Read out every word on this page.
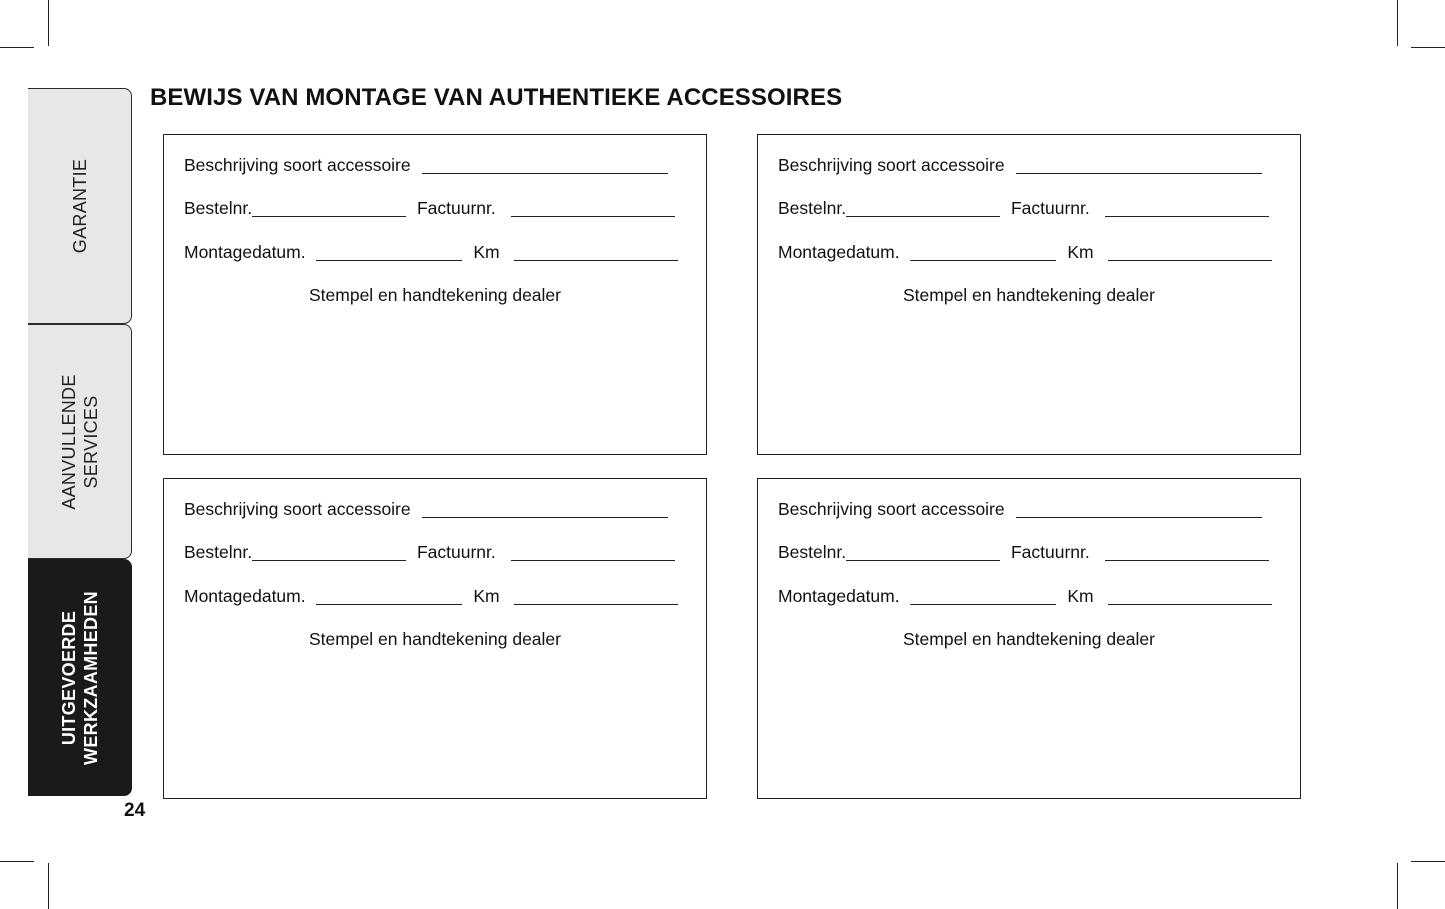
GARANTIE
AANVULLENDE SERVICES
UITGEVOERDE WERKZAAMHEDEN
24
BEWIJS VAN MONTAGE VAN AUTHENTIEKE ACCESSOIRES
Beschrijving soort accessoire
Bestelnr.	Factuurnr.
Montagedatum.	Km
Stempel en handtekening dealer
Beschrijving soort accessoire
Bestelnr.	Factuurnr.
Montagedatum.	Km
Stempel en handtekening dealer
Beschrijving soort accessoire
Bestelnr.	Factuurnr.
Montagedatum.	Km
Stempel en handtekening dealer
Beschrijving soort accessoire
Bestelnr.	Factuurnr.
Montagedatum.	Km
Stempel en handtekening dealer
